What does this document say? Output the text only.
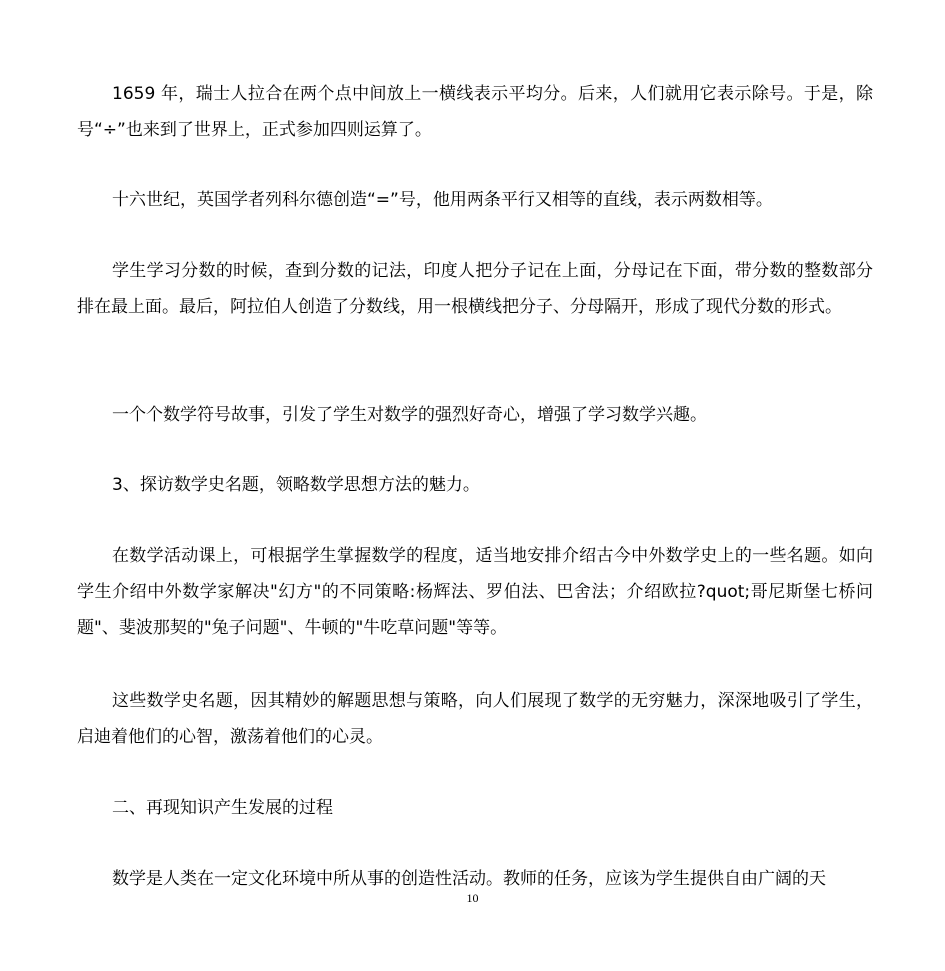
1659 年，瑞士人拉合在两个点中间放上一横线表示平均分。后来，人们就用它表示除号。于是，除号“÷”也来到了世界上，正式参加四则运算了。

十六世纪，英国学者列科尔德创造“=”号，他用两条平行又相等的直线，表示两数相等。

学生学习分数的时候，查到分数的记法，印度人把分子记在上面，分母记在下面，带分数的整数部分排在最上面。最后，阿拉伯人创造了分数线，用一根横线把分子、分母隔开，形成了现代分数的形式。

一个个数学符号故事，引发了学生对数学的强烈好奇心，增强了学习数学兴趣。

3、探访数学史名题，领略数学思想方法的魅力。

在数学活动课上，可根据学生掌握数学的程度，适当地安排介绍古今中外数学史上的一些名题。如向学生介绍中外数学家解决"幻方"的不同策略:杨辉法、罗伯法、巴舍法；介绍欧拉?quot;哥尼斯堡七桥问题"、斐波那契的"兔子问题"、牛顿的"牛吃草问题"等等。

这些数学史名题，因其精妙的解题思想与策略，向人们展现了数学的无穷魅力，深深地吸引了学生，启迪着他们的心智，激荡着他们的心灵。

二、再现知识产生发展的过程

数学是人类在一定文化环境中所从事的创造性活动。教师的任务，应该为学生提供自由广阔的天

10
